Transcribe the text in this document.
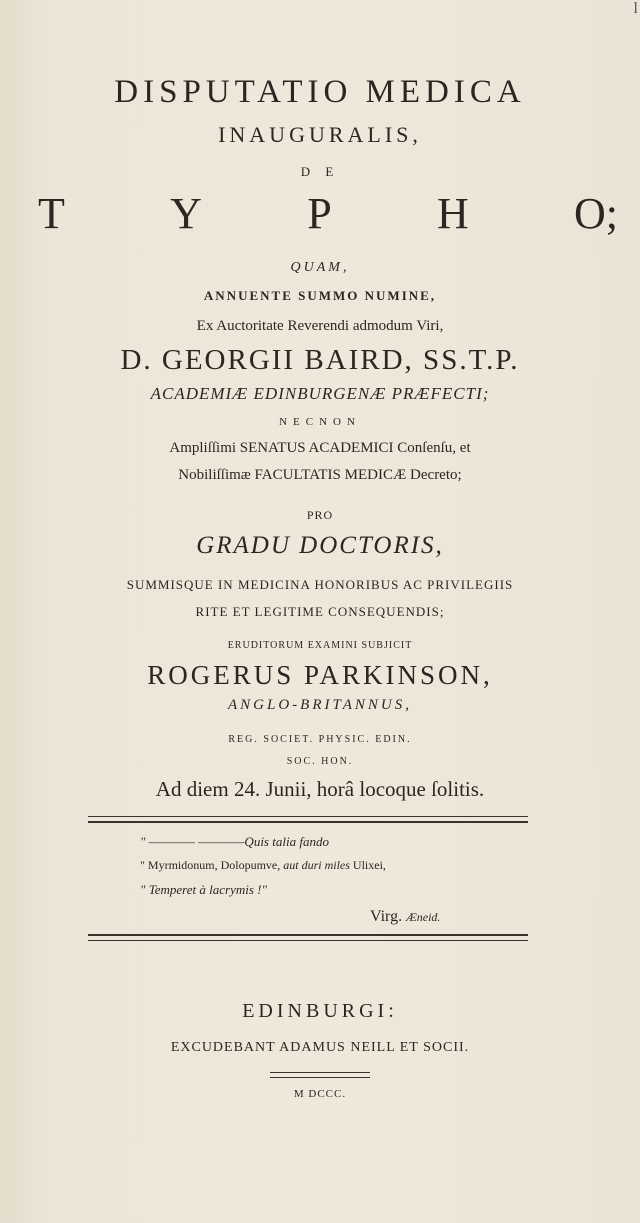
l
DISPUTATIO MEDICA
INAUGURALIS,
D E
T Y P H O;
QUAM,
ANNUENTE SUMMO NUMINE,
Ex Auctoritate Reverendi admodum Viri,
D. GEORGII BAIRD, SS.T.P.
ACADEMIÆ EDINBURGENÆ PRÆFECTI;
NECNON
Ampliſſimi SENATUS ACADEMICI Conſenſu, et
Nobiliſſimæ FACULTATIS MEDICÆ Decreto;
PRO
GRADU DOCTORIS,
SUMMISQUE IN MEDICINA HONORIBUS AC PRIVILEGIIS
RITE ET LEGITIME CONSEQUENDIS;
ERUDITORUM EXAMINI SUBJICIT
ROGERUS PARKINSON,
ANGLO-BRITANNUS,
REG. SOCIET. PHYSIC. EDIN.
SOC. HON.
Ad diem 24. Junii, horâ locoque ſolitis.
" ———— ————Quis talia fando
" Myrmidonum, Dolopumve, aut duri miles Ulixei,
" Temperet à lacrymis !"
Virg. Æneid.
EDINBURGI:
EXCUDEBANT ADAMUS NEILL ET SOCII.
M DCCC.
